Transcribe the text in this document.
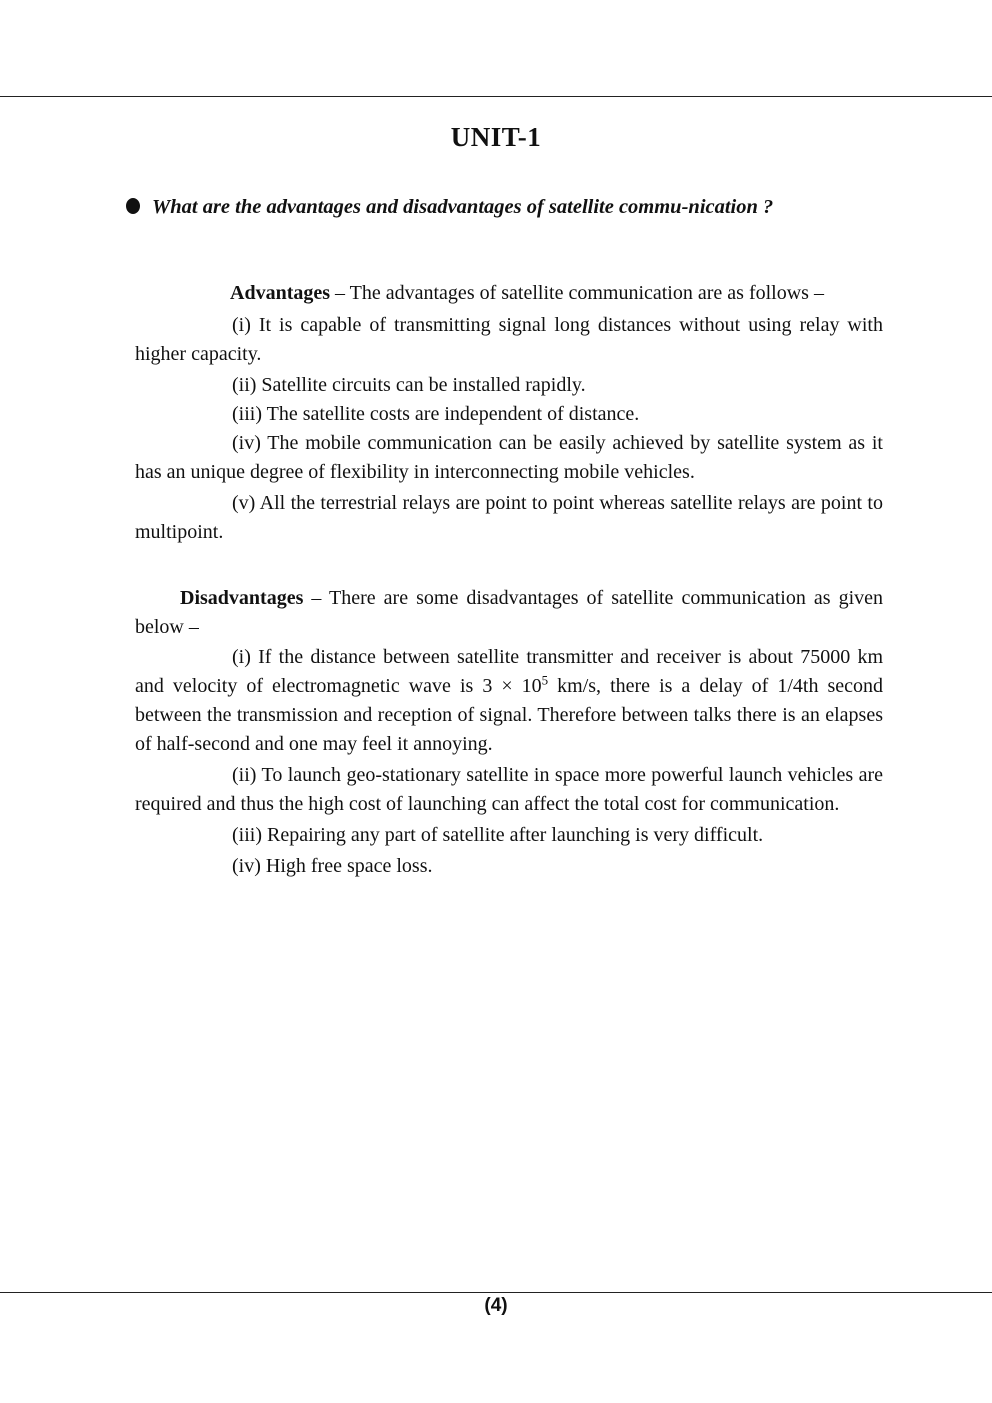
UNIT-1
What are the advantages and disadvantages of satellite commu-nication ?

Advantages – The advantages of satellite communication are as follows –

(i) It is capable of transmitting signal long distances without using relay with higher capacity.

(ii) Satellite circuits can be installed rapidly.

(iii) The satellite costs are independent of distance.

(iv) The mobile communication can be easily achieved by satellite system as it has an unique degree of flexibility in interconnecting mobile vehicles.

(v) All the terrestrial relays are point to point whereas satellite relays are point to multipoint.

Disadvantages – There are some disadvantages of satellite communication as given below –

(i) If the distance between satellite transmitter and receiver is about 75000 km and velocity of electromagnetic wave is $3 \times 10^5$ km/s, there is a delay of 1/4th second between the transmission and reception of signal. Therefore between talks there is an elapses of half-second and one may feel it annoying.

(ii) To launch geo-stationary satellite in space more powerful launch vehicles are required and thus the high cost of launching can affect the total cost for communication.

(iii) Repairing any part of satellite after launching is very difficult.

(iv) High free space loss.

(4)
